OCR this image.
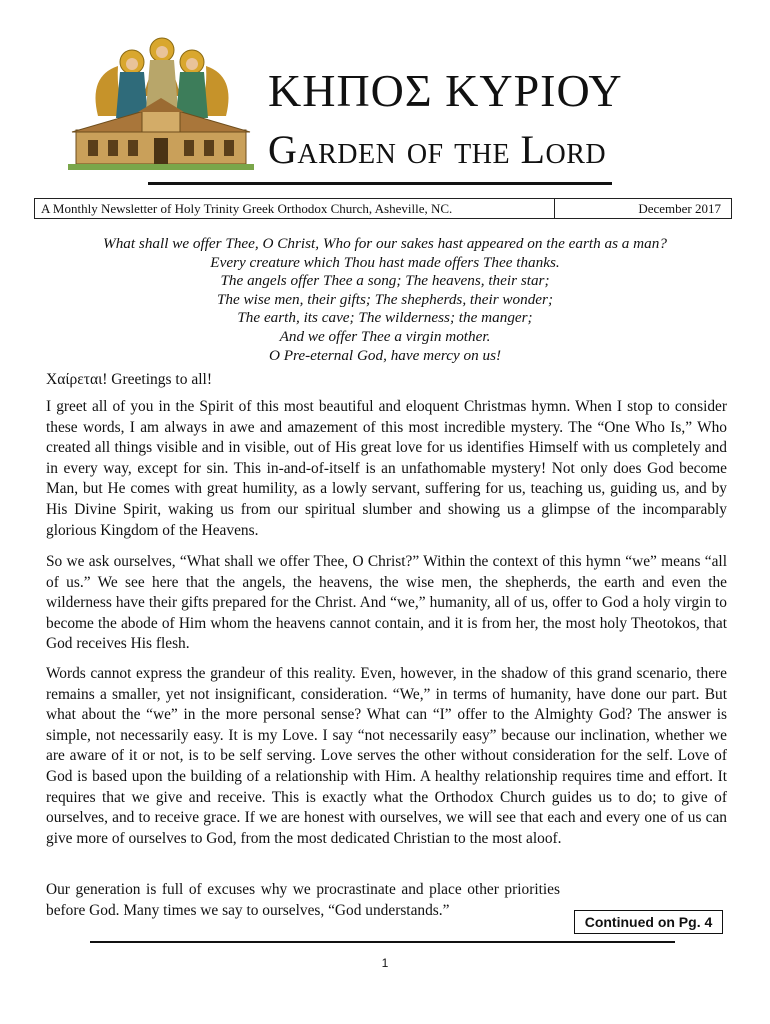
ΚΗΠΟΣ ΚΥΡΙΟΥ
Garden of the Lord
A Monthly Newsletter of Holy Trinity Greek Orthodox Church, Asheville, NC.	December 2017
What shall we offer Thee, O Christ, Who for our sakes hast appeared on the earth as a man?
Every creature which Thou hast made offers Thee thanks.
The angels offer Thee a song; The heavens, their star;
The wise men, their gifts; The shepherds, their wonder;
The earth, its cave; The wilderness; the manger;
And we offer Thee a virgin mother.
O Pre-eternal God, have mercy on us!
Χαίρεται! Greetings to all!

I greet all of you in the Spirit of this most beautiful and eloquent Christmas hymn. When I stop to consider these words, I am always in awe and amazement of this most incredible mystery. The “One Who Is,” Who created all things visible and in visible, out of His great love for us identifies Himself with us completely and in every way, except for sin. This in-and-of-itself is an unfathomable mystery! Not only does God become Man, but He comes with great humility, as a lowly servant, suffering for us, teaching us, guiding us, and by His Divine Spirit, waking us from our spiritual slumber and showing us a glimpse of the incomparably glorious Kingdom of the Heavens.

So we ask ourselves, “What shall we offer Thee, O Christ?” Within the context of this hymn “we” means “all of us.” We see here that the angels, the heavens, the wise men, the shepherds, the earth and even the wilderness have their gifts prepared for the Christ. And “we,” humanity, all of us, offer to God a holy virgin to become the abode of Him whom the heavens cannot contain, and it is from her, the most holy Theotokos, that God receives His flesh.

Words cannot express the grandeur of this reality. Even, however, in the shadow of this grand scenario, there remains a smaller, yet not insignificant, consideration. “We,” in terms of humanity, have done our part. But what about the “we” in the more personal sense? What can “I” offer to the Almighty God? The answer is simple, not necessarily easy. It is my Love. I say “not necessarily easy” because our inclination, whether we are aware of it or not, is to be self serving. Love serves the other without consideration for the self. Love of God is based upon the building of a relationship with Him. A healthy relationship requires time and effort. It requires that we give and receive. This is exactly what the Orthodox Church guides us to do; to give of ourselves, and to receive grace. If we are honest with ourselves, we will see that each and every one of us can give more of ourselves to God, from the most dedicated Christian to the most aloof.

Our generation is full of excuses why we procrastinate and place other priorities before God. Many times we say to ourselves, “God understands.”

Continued on Pg. 4
1
